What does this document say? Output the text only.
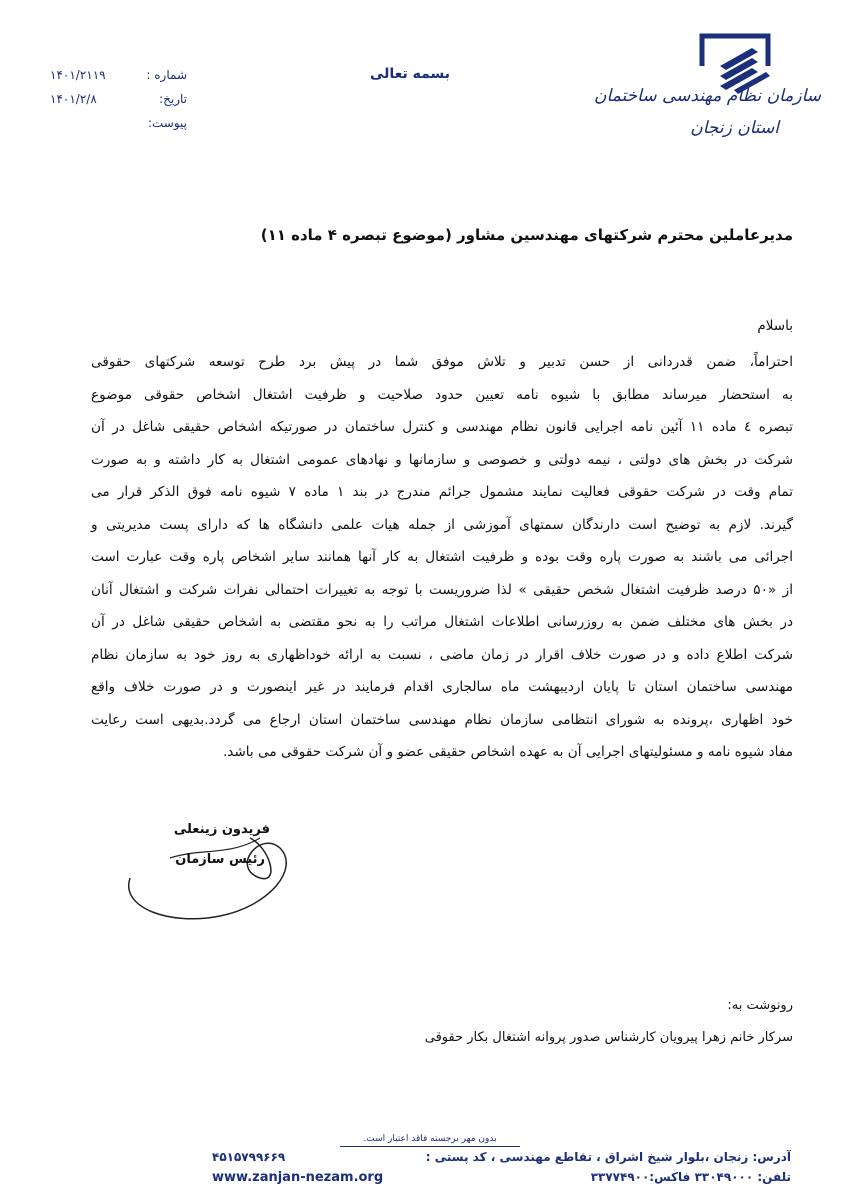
سازمان نظام مهندسی ساختمان
استان زنجان
بسمه تعالی
شماره :
۱۴۰۱/۲۱۱۹
تاریخ:
۱۴۰۱/۲/۸
پیوست:
مدیرعاملین محترم شرکتهای مهندسین مشاور (موضوع تبصره ۴ ماده ۱۱)
باسلام
احتراماً، ضمن قدردانی از حسن تدبیر و تلاش موفق شما در پیش برد طرح توسعه شرکتهای حقوقی
به استحضار میرساند مطابق با شیوه نامه تعیین حدود صلاحیت و ظرفیت اشتغال اشخاص حقوقی موضوع
تبصره ٤ ماده ١١ آئین نامه اجرایی قانون نظام مهندسی و کنترل ساختمان در صورتیکه اشخاص حقیقی شاغل در آن
شرکت در بخش های دولتی ، نیمه دولتی و خصوصی و سازمانها و نهادهای عمومی اشتغال به کار داشته و به صورت
تمام وقت در شرکت حقوقی فعالیت نمایند مشمول جرائم مندرج در بند ۱ ماده ۷ شیوه نامه فوق الذکر قرار می
گیرند. لازم به توضیح است دارندگان سمتهای آموزشی از جمله هیات علمی دانشگاه ها که دارای پست مدیریتی و
اجرائی می باشند به صورت پاره وقت بوده و ظرفیت اشتغال به کار آنها همانند سایر اشخاص پاره وقت عبارت است
از «۵۰ درصد ظرفیت اشتغال شخص حقیقی » لذا ضروریست با توجه به تغییرات احتمالی نفرات شرکت و اشتغال آنان
در بخش های مختلف ضمن به روزرسانی اطلاعات اشتغال مراتب را به نحو مقتضی به اشخاص حقیقی شاغل در آن
شرکت اطلاع داده و در صورت خلاف اقرار در زمان ماضی ، نسبت به ارائه خوداظهاری به روز خود به سازمان نظام
مهندسی ساختمان استان تا پایان اردیبهشت ماه سالجاری اقدام فرمایند در غیر اینصورت و در صورت خلاف واقع
خود اظهاری ،پرونده به شورای انتظامی سازمان نظام مهندسی ساختمان استان ارجاع می گردد.بدیهی است رعایت
مفاد شیوه نامه و مسئولیتهای اجرایی آن به عهده اشخاص حقیقی عضو و آن شرکت حقوقی می باشد.
فریدون زینعلی
رئیس سازمان
رونوشت به:
سرکار خانم زهرا پیرویان کارشناس صدور پروانه اشتغال بکار حقوقی
بدون مهر برجسته فاقد اعتبار است.
آدرس: زنجان ،بلوار شیخ اشراق ، تقاطع مهندسی ، کد پستی :
۴۵۱۵۷۹۹۶۶۹
تلفن: ۳۳۰۴۹۰۰۰ فاکس:۳۳۷۷۴۹۰۰
www.zanjan-nezam.org
